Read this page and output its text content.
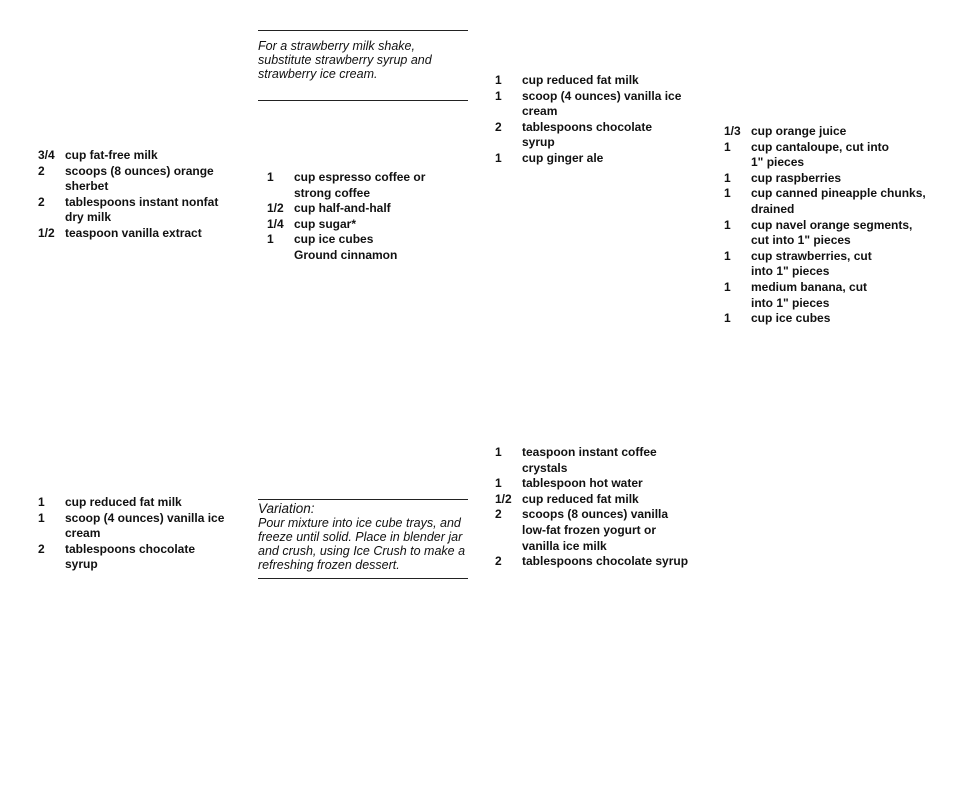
3/4	cup fat-free milk
2	scoops (8 ounces) orange sherbet
2	tablespoons instant nonfat dry milk
1/2	teaspoon vanilla extract
For a strawberry milk shake, substitute strawberry syrup and strawberry ice cream.
1	cup espresso coffee or strong coffee
1/2	cup half-and-half
1/4	cup sugar*
1	cup ice cubes
	Ground cinnamon
1	cup reduced fat milk
1	scoop (4 ounces) vanilla ice cream
2	tablespoons chocolate syrup
1	cup ginger ale
1/3	cup orange juice
1	cup cantaloupe, cut into 1" pieces
1	cup raspberries
1	cup canned pineapple chunks, drained
1	cup navel orange segments, cut into 1" pieces
1	cup strawberries, cut into 1" pieces
1	medium banana, cut into 1" pieces
1	cup ice cubes
1	cup reduced fat milk
1	scoop (4 ounces) vanilla ice cream
2	tablespoons chocolate syrup
Variation:
Pour mixture into ice cube trays, and freeze until solid. Place in blender jar and crush, using Ice Crush to make a refreshing frozen dessert.
1	teaspoon instant coffee crystals
1	tablespoon hot water
1/2	cup reduced fat milk
2	scoops (8 ounces) vanilla low-fat frozen yogurt or vanilla ice milk
2	tablespoons chocolate syrup
